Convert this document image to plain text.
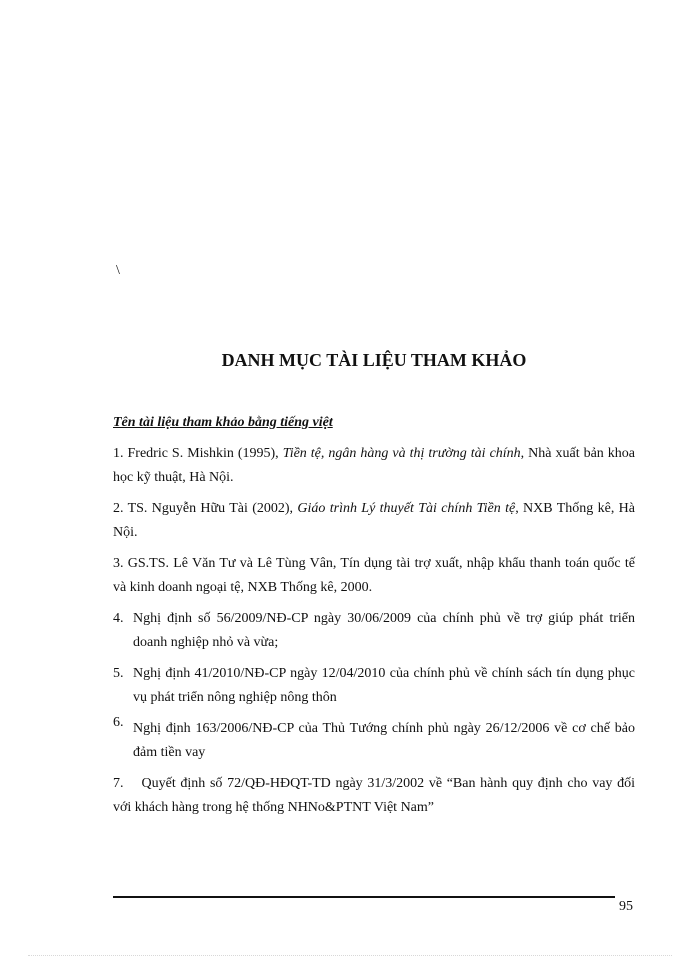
\
DANH MỤC TÀI LIỆU THAM KHẢO

Tên tài liệu tham khảo bằng tiếng việt

1. Fredric S. Mishkin (1995), Tiền tệ, ngân hàng và thị trường tài chính, Nhà xuất bản khoa học kỹ thuật, Hà Nội.

2. TS. Nguyễn Hữu Tài (2002), Giáo trình Lý thuyết Tài chính Tiền tệ, NXB Thống kê, Hà Nội.

3. GS.TS. Lê Văn Tư và Lê Tùng Vân, Tín dụng tài trợ xuất, nhập khẩu thanh toán quốc tế và kinh doanh ngoại tệ, NXB Thống kê, 2000.

4. Nghị định số 56/2009/NĐ-CP ngày 30/06/2009 của chính phủ về trợ giúp phát triển doanh nghiệp nhỏ và vừa;

5. Nghị định 41/2010/NĐ-CP ngày 12/04/2010 của chính phủ về chính sách tín dụng phục vụ phát triển nông nghiệp nông thôn

6. Nghị định 163/2006/NĐ-CP của Thủ Tướng chính phủ ngày 26/12/2006 về cơ chế bảo đảm tiền vay

7. Quyết định số 72/QĐ-HĐQT-TD ngày 31/3/2002 về “Ban hành quy định cho vay đối với khách hàng trong hệ thống NHNo&PTNT Việt Nam”

95
